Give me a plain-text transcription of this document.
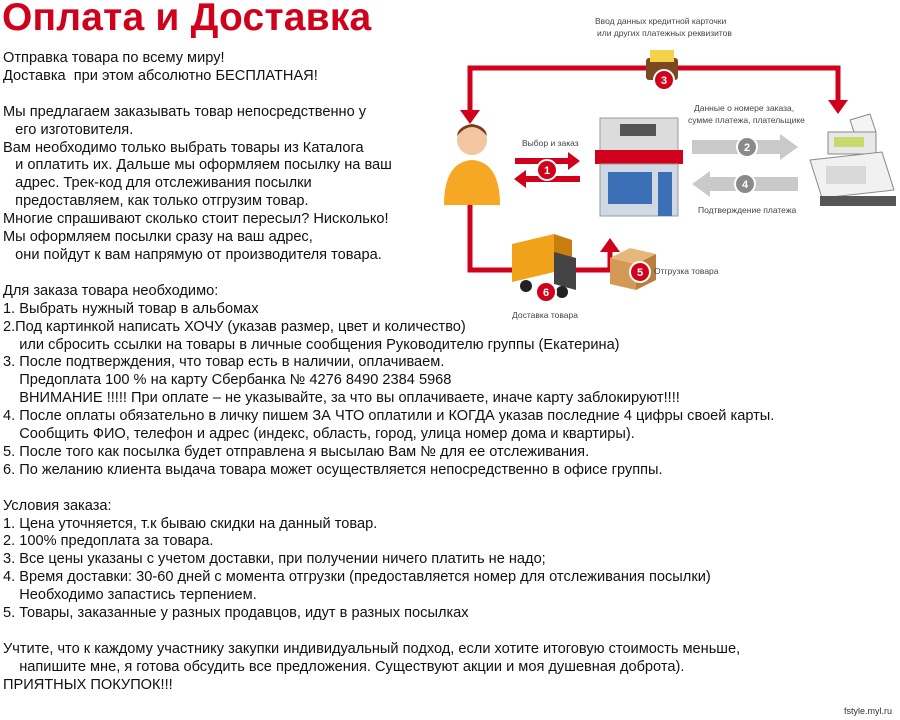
Оплата и Доставка
Отправка товара по всему миру!
Доставка  при этом абсолютно БЕСПЛАТНАЯ!

Мы предлагаем заказывать товар непосредственно у
его изготовителя.
Вам необходимо только выбрать товары из Каталога
и оплатить их. Дальше мы оформляем посылку на ваш
адрес. Трек-код для отслеживания посылки
предоставляем, как только отгрузим товар.
Многие спрашивают сколько стоит пересыл? Нисколько!
Мы оформляем посылки сразу на ваш адрес,
они пойдут к вам напрямую от производителя товара.

Для заказа товара необходимо:
1. Выбрать нужный товар в альбомах
2.Под картинкой написать ХОЧУ (указав размер, цвет и количество)
или сбросить ссылки на товары в личные сообщения Руководителю группы (Екатерина)
3. После подтверждения, что товар есть в наличии, оплачиваем.
Предоплата 100 % на карту Сбербанка № 4276 8490 2384 5968
ВНИМАНИЕ !!!!! При оплате – не указывайте, за что вы оплачиваете, иначе карту заблокируют!!!!
4. После оплаты обязательно в личку пишем ЗА ЧТО оплатили и КОГДА указав последние 4 цифры своей карты.
Сообщить ФИО, телефон и адрес (индекс, область, город, улица номер дома и квартиры).
5. После того как посылка будет отправлена я высылаю Вам № для ее отслеживания.
6. По желанию клиента выдача товара может осуществляется непосредственно в офисе группы.

Условия заказа:
1. Цена уточняется, т.к бываю скидки на данный товар.
2. 100% предоплата за товара.
3. Все цены указаны с учетом доставки, при получении ничего платить не надо;
4. Время доставки: 30-60 дней с момента отгрузки (предоставляется номер для отслеживания посылки)
Необходимо запастись терпением.
5. Товары, заказанные у разных продавцов, идут в разных посылках

Учтите, что к каждому участнику закупки индивидуальный подход, если хотите итоговую стоимость меньше,
напишите мне, я готова обсудить все предложения. Существуют акции и моя душевная доброта).
ПРИЯТНЫХ ПОКУПОК!!!
1
Выбор и заказ
3
Ввод данных кредитной карточки
или других платежных реквизитов
2
Данные о номере заказа,
сумме платежа, плательщике
4
Подтверждение платежа
5 Отгрузка товара
6
Доставка товара
fstyle.myl.ru
